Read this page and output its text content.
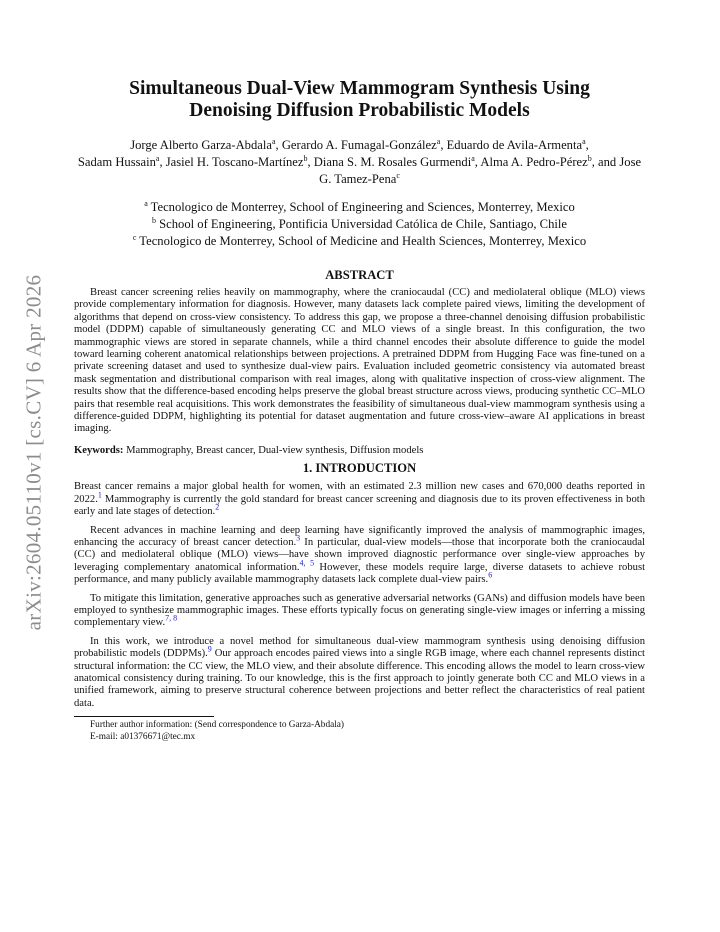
arXiv:2604.05110v1 [cs.CV] 6 Apr 2026
Simultaneous Dual-View Mammogram Synthesis Using
Denoising Diffusion Probabilistic Models
Jorge Alberto Garza-Abdala$^a$, Gerardo A. Fumagal-González$^a$, Eduardo de Avila-Armenta$^a$,
Sadam Hussain$^a$, Jasiel H. Toscano-Martínez$^b$, Diana S. M. Rosales Gurmendi$^a$, Alma A. Pedro-Pérez$^b$, and Jose G. Tamez-Pena$^c$
$^a$ Tecnologico de Monterrey, School of Engineering and Sciences, Monterrey, Mexico
$^b$ School of Engineering, Pontificia Universidad Católica de Chile, Santiago, Chile
$^c$ Tecnologico de Monterrey, School of Medicine and Health Sciences, Monterrey, Mexico
ABSTRACT

Breast cancer screening relies heavily on mammography, where the craniocaudal (CC) and mediolateral oblique (MLO) views provide complementary information for diagnosis. However, many datasets lack complete paired views, limiting the development of algorithms that depend on cross-view consistency. To address this gap, we propose a three-channel denoising diffusion probabilistic model (DDPM) capable of simultaneously generating CC and MLO views of a single breast. In this configuration, the two mammographic views are stored in separate channels, while a third channel encodes their absolute difference to guide the model toward learning coherent anatomical relationships between projections. A pretrained DDPM from Hugging Face was fine-tuned on a private screening dataset and used to synthesize dual-view pairs. Evaluation included geometric consistency via automated breast mask segmentation and distributional comparison with real images, along with qualitative inspection of cross-view alignment. The results show that the difference-based encoding helps preserve the global breast structure across views, producing synthetic CC–MLO pairs that resemble real acquisitions. This work demonstrates the feasibility of simultaneous dual-view mammogram synthesis using a difference-guided DDPM, highlighting its potential for dataset augmentation and future cross-view–aware AI applications in breast imaging.

Keywords: Mammography, Breast cancer, Dual-view synthesis, Diffusion models
1. INTRODUCTION

Breast cancer remains a major global health for women, with an estimated 2.3 million new cases and 670,000 deaths reported in 2022.$^1$ Mammography is currently the gold standard for breast cancer screening and diagnosis due to its proven effectiveness in both early and late stages of detection.$^2$

Recent advances in machine learning and deep learning have significantly improved the analysis of mammographic images, enhancing the accuracy of breast cancer detection.$^3$ In particular, dual-view models—those that incorporate both the craniocaudal (CC) and mediolateral oblique (MLO) views—have shown improved diagnostic performance over single-view approaches by leveraging complementary anatomical information.$^{4, 5}$ However, these models require large, diverse datasets to achieve robust performance, and many publicly available mammography datasets lack complete dual-view pairs.$^6$

To mitigate this limitation, generative approaches such as generative adversarial networks (GANs) and diffusion models have been employed to synthesize mammographic images. These efforts typically focus on generating single-view images or inferring a missing complementary view.$^{7, 8}$

In this work, we introduce a novel method for simultaneous dual-view mammogram synthesis using denoising diffusion probabilistic models (DDPMs).$^9$ Our approach encodes paired views into a single RGB image, where each channel represents distinct structural information: the CC view, the MLO view, and their absolute difference. This encoding allows the model to learn cross-view anatomical consistency during training. To our knowledge, this is the first approach to jointly generate both CC and MLO views in a unified framework, aiming to preserve structural coherence between projections and better reflect the characteristics of real patient data.

Further author information: (Send correspondence to Garza-Abdala)
E-mail: a01376671@tec.mx
